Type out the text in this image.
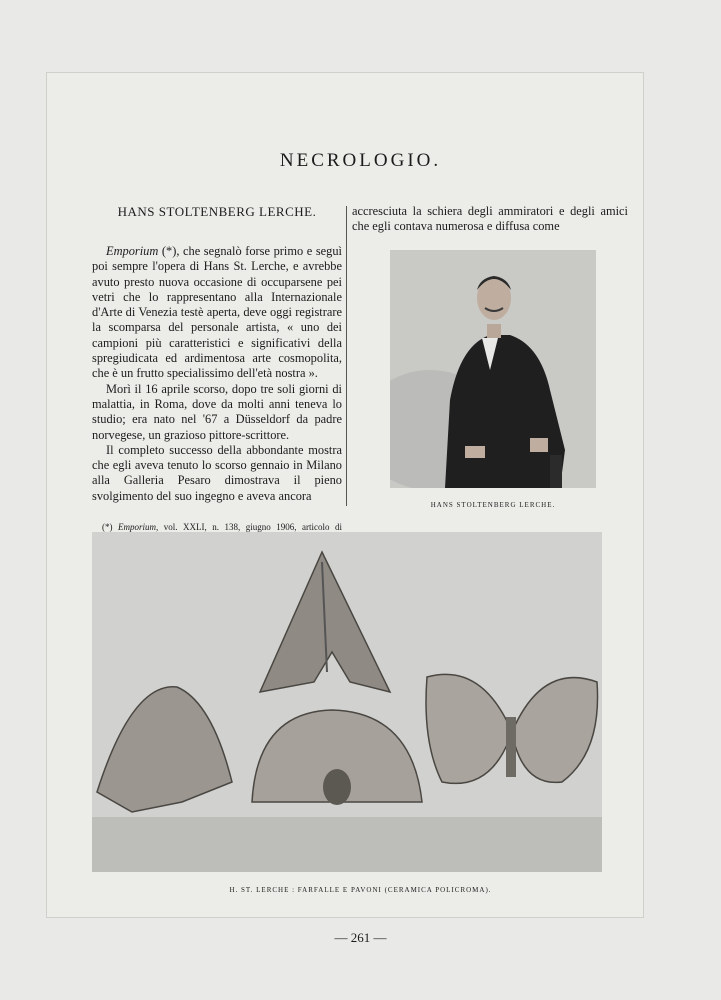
NECROLOGIO.
HANS STOLTENBERG LERCHE.

Emporium (*), che segnalò forse primo e seguì poi sempre l'opera di Hans St. Lerche, e avrebbe avuto presto nuova occasione di occuparsene pei vetri che lo rappresentano alla Internazionale d'Arte di Venezia testè aperta, deve oggi registrare la scomparsa del personale artista, « uno dei campioni più caratteristici e significativi della spregiudicata ed ardimentosa arte cosmopolita, che è un frutto specialissimo dell'età nostra ».

Morì il 16 aprile scorso, dopo tre soli giorni di malattia, in Roma, dove da molti anni teneva lo studio; era nato nel '67 a Düsseldorf da padre norvegese, un grazioso pittore-scrittore.

Il completo successo della abbondante mostra che egli aveva tenuto lo scorso gennaio in Milano alla Galleria Pesaro dimostrava il pieno svolgimento del suo ingegno e aveva ancora

(*) Emporium, vol. XXLI, n. 138, giugno 1906, articolo di

accresciuta la schiera degli ammiratori e degli amici che egli contava numerosa e diffusa come

HANS STOLTENBERG LERCHE.
H. ST. LERCHE : FARFALLE E PAVONI (CERAMICA POLICROMA).
— 261 —
